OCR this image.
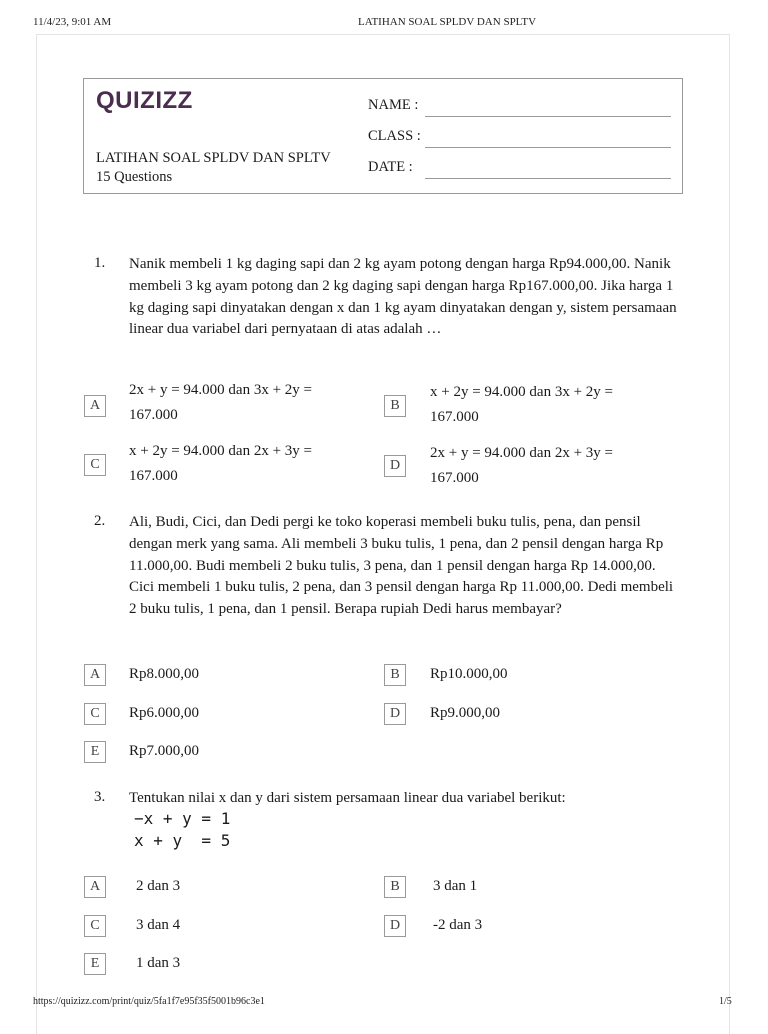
11/4/23, 9:01 AM	LATIHAN SOAL SPLDV DAN SPLTV
QUIZIZZ
LATIHAN SOAL SPLDV DAN SPLTV
15 Questions
NAME :
CLASS :
DATE :
1. Nanik membeli 1 kg daging sapi dan 2 kg ayam potong dengan harga Rp94.000,00. Nanik membeli 3 kg ayam potong dan 2 kg daging sapi dengan harga Rp167.000,00. Jika harga 1 kg daging sapi dinyatakan dengan x dan 1 kg ayam dinyatakan dengan y, sistem persamaan linear dua variabel dari pernyataan di atas adalah …
A
2x + y = 94.000 dan 3x + 2y = 167.000
B
x + 2y = 94.000 dan 3x + 2y = 167.000
C
x + 2y = 94.000 dan 2x + 3y = 167.000
D
2x + y = 94.000 dan 2x + 3y = 167.000
2. Ali, Budi, Cici, dan Dedi pergi ke toko koperasi membeli buku tulis, pena, dan pensil dengan merk yang sama. Ali membeli 3 buku tulis, 1 pena, dan 2 pensil dengan harga Rp 11.000,00. Budi membeli 2 buku tulis, 3 pena, dan 1 pensil dengan harga Rp 14.000,00. Cici membeli 1 buku tulis, 2 pena, dan 3 pensil dengan harga Rp 11.000,00. Dedi membeli 2 buku tulis, 1 pena, dan 1 pensil. Berapa rupiah Dedi harus membayar?
A	Rp8.000,00	B	Rp10.000,00
C	Rp6.000,00	D	Rp9.000,00
E	Rp7.000,00
3. Tentukan nilai x dan y dari sistem persamaan linear dua variabel berikut:
−x + y = 1
x + y  = 5
A	2 dan 3	B	3 dan 1
C	3 dan 4	D	-2 dan 3
E	1 dan 3
https://quizizz.com/print/quiz/5fa1f7e95f35f5001b96c3e1	1/5
